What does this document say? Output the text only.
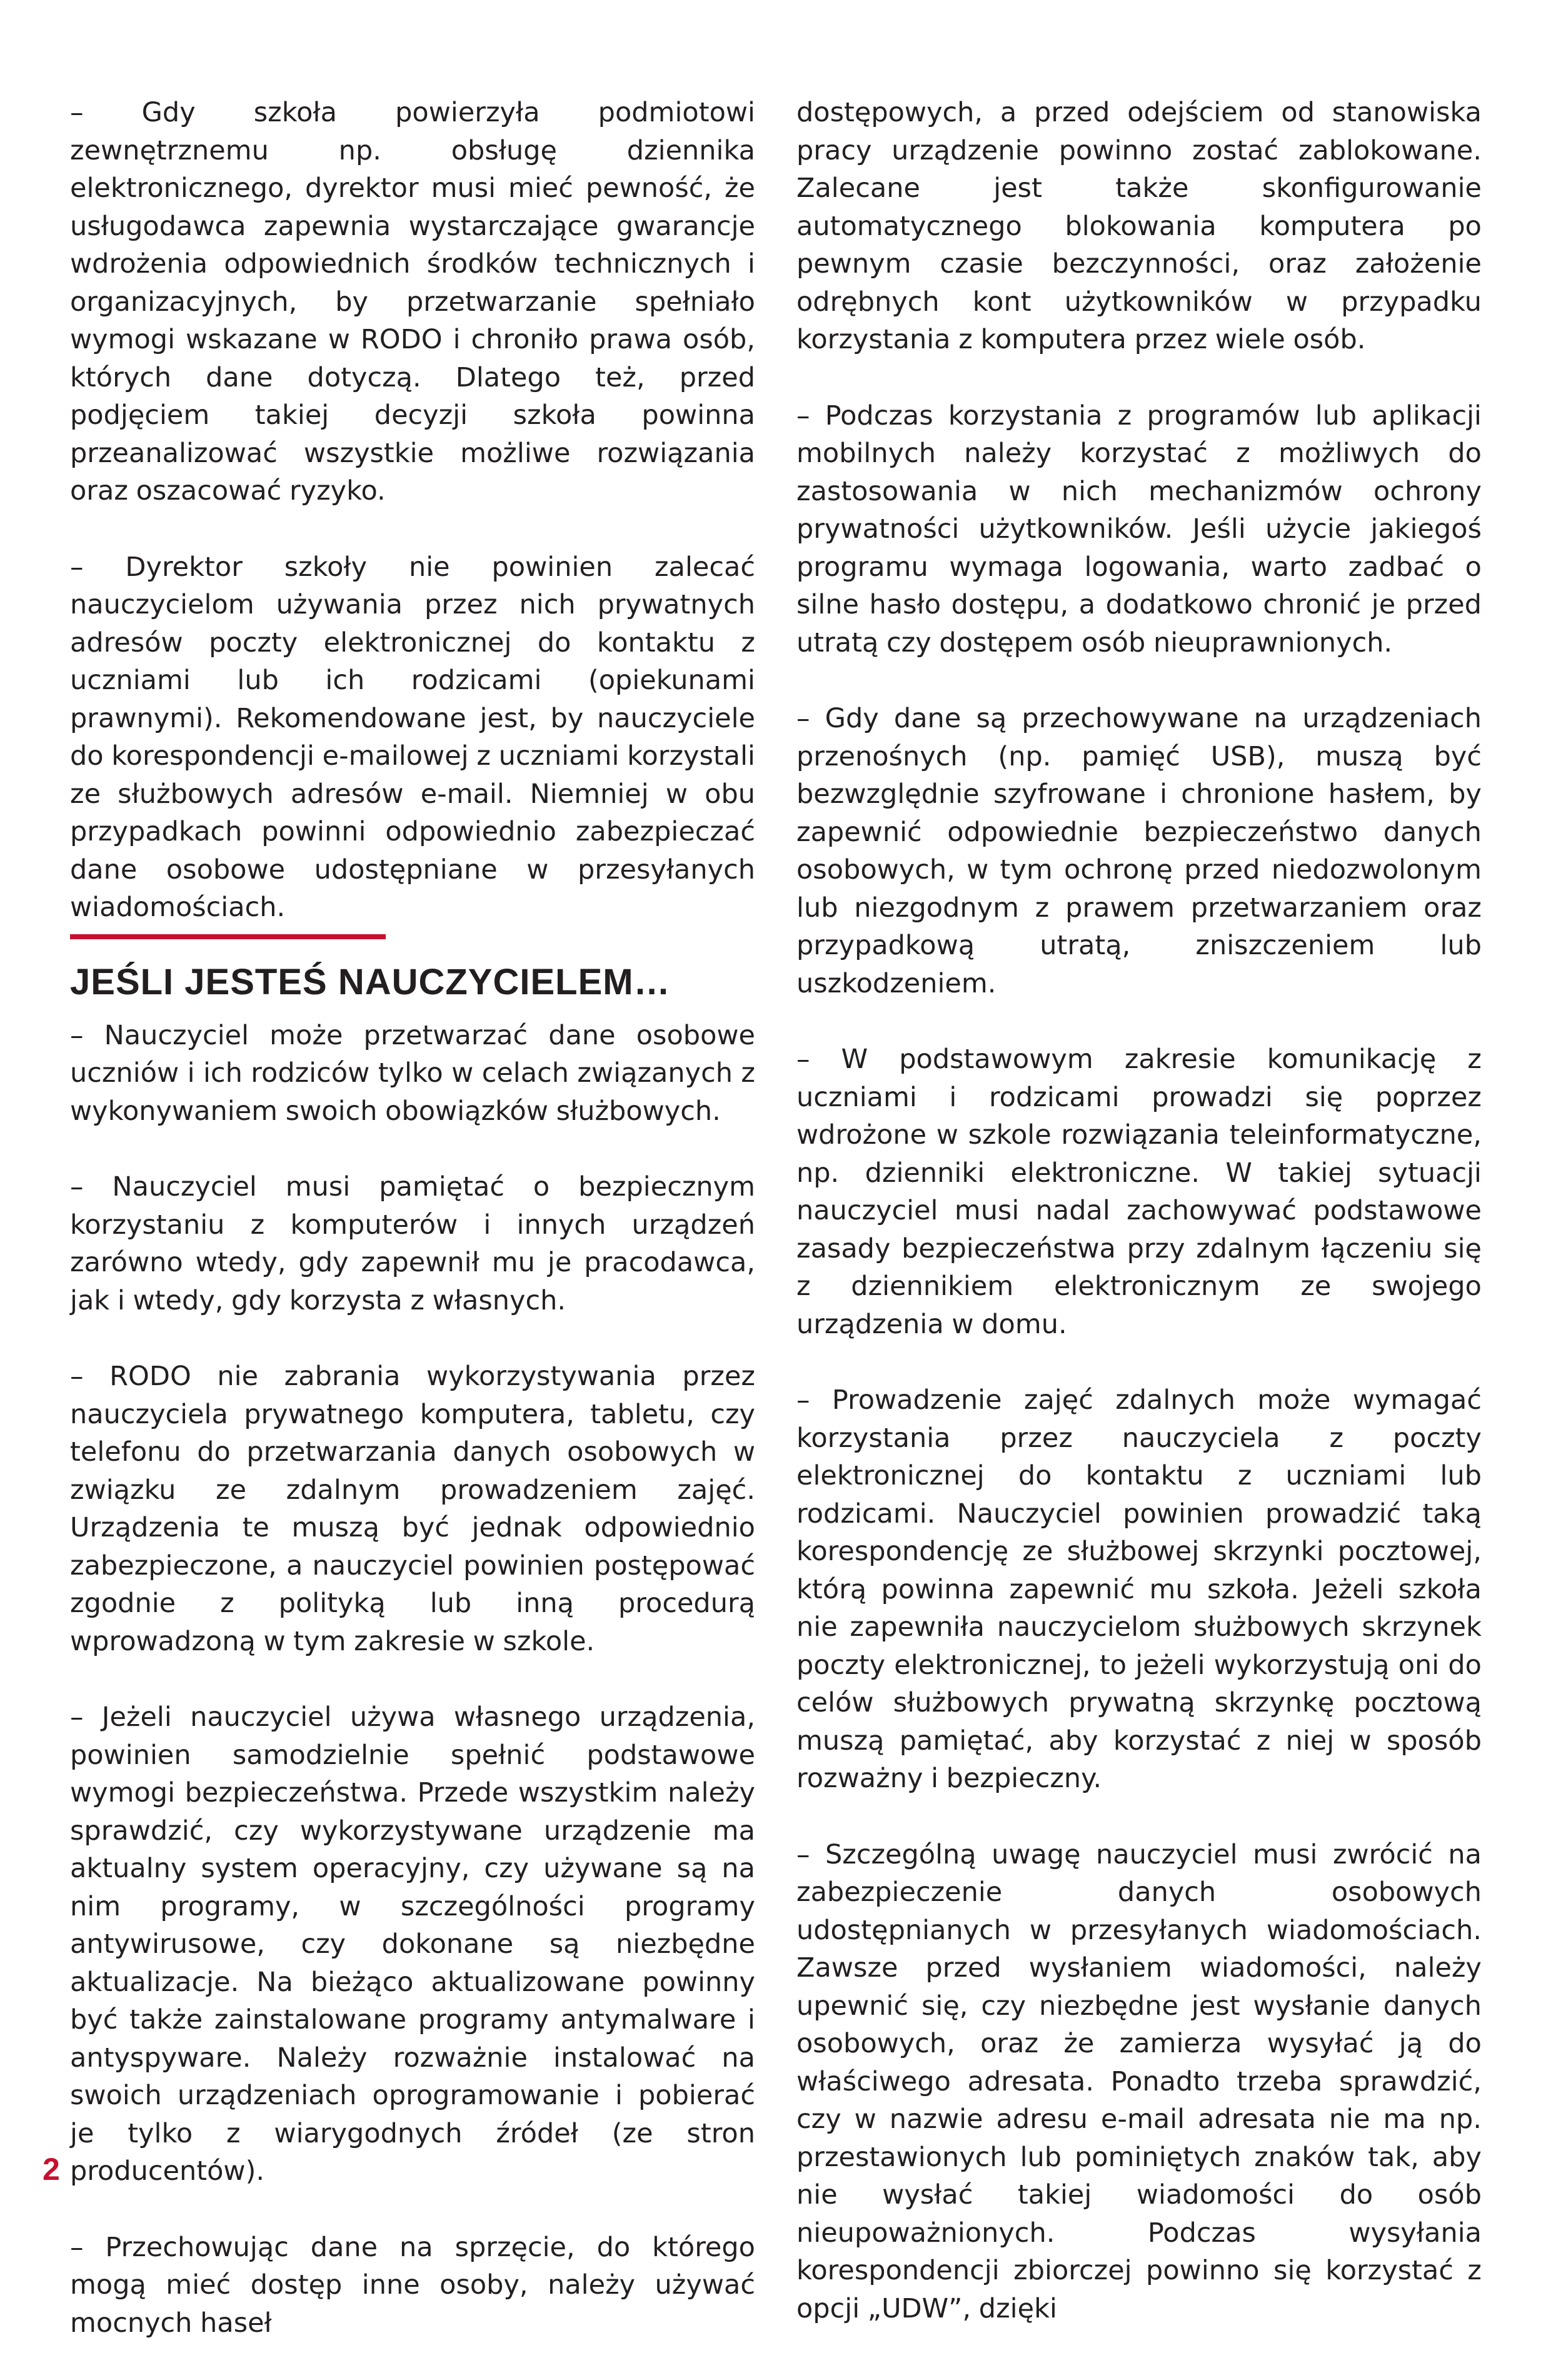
– Gdy szkoła powierzyła podmiotowi zewnętrznemu np. obsługę dziennika elektronicznego, dyrektor musi mieć pewność, że usługodawca zapewnia wystarczające gwarancje wdrożenia odpowiednich środków technicznych i organizacyjnych, by przetwarzanie spełniało wymogi wskazane w RODO i chroniło prawa osób, których dane dotyczą. Dlatego też, przed podjęciem takiej decyzji szkoła powinna przeanalizować wszystkie możliwe rozwiązania oraz oszacować ryzyko.

– Dyrektor szkoły nie powinien zalecać nauczycielom używania przez nich prywatnych adresów poczty elektronicznej do kontaktu z uczniami lub ich rodzicami (opiekunami prawnymi). Rekomendowane jest, by nauczyciele do korespondencji e-mailowej z uczniami korzystali ze służbowych adresów e-mail. Niemniej w obu przypadkach powinni odpowiednio zabezpieczać dane osobowe udostępniane w przesyłanych wiadomościach.

JEŚLI JESTEŚ NAUCZYCIELEM…

– Nauczyciel może przetwarzać dane osobowe uczniów i ich rodziców tylko w celach związanych z wykonywaniem swoich obowiązków służbowych.

– Nauczyciel musi pamiętać o bezpiecznym korzystaniu z komputerów i innych urządzeń zarówno wtedy, gdy zapewnił mu je pracodawca, jak i wtedy, gdy korzysta z własnych.

– RODO nie zabrania wykorzystywania przez nauczyciela prywatnego komputera, tabletu, czy telefonu do przetwarzania danych osobowych w związku ze zdalnym prowadzeniem zajęć. Urządzenia te muszą być jednak odpowiednio zabezpieczone, a nauczyciel powinien postępować zgodnie z polityką lub inną procedurą wprowadzoną w tym zakresie w szkole.

– Jeżeli nauczyciel używa własnego urządzenia, powinien samodzielnie spełnić podstawowe wymogi bezpieczeństwa. Przede wszystkim należy sprawdzić, czy wykorzystywane urządzenie ma aktualny system operacyjny, czy używane są na nim programy, w szczególności programy antywirusowe, czy dokonane są niezbędne aktualizacje. Na bieżąco aktualizowane powinny być także zainstalowane programy antymalware i antyspyware. Należy rozważnie instalować na swoich urządzeniach oprogramowanie i pobierać je tylko z wiarygodnych źródeł (ze stron producentów).

– Przechowując dane na sprzęcie, do którego mogą mieć dostęp inne osoby, należy używać mocnych haseł

dostępowych, a przed odejściem od stanowiska pracy urządzenie powinno zostać zablokowane. Zalecane jest także skonfigurowanie automatycznego blokowania komputera po pewnym czasie bezczynności, oraz założenie odrębnych kont użytkowników w przypadku korzystania z komputera przez wiele osób.

– Podczas korzystania z programów lub aplikacji mobilnych należy korzystać z możliwych do zastosowania w nich mechanizmów ochrony prywatności użytkowników. Jeśli użycie jakiegoś programu wymaga logowania, warto zadbać o silne hasło dostępu, a dodatkowo chronić je przed utratą czy dostępem osób nieuprawnionych.

– Gdy dane są przechowywane na urządzeniach przenośnych (np. pamięć USB), muszą być bezwzględnie szyfrowane i chronione hasłem, by zapewnić odpowiednie bezpieczeństwo danych osobowych, w tym ochronę przed niedozwolonym lub niezgodnym z prawem przetwarzaniem oraz przypadkową utratą, zniszczeniem lub uszkodzeniem.

– W podstawowym zakresie komunikację z uczniami i rodzicami prowadzi się poprzez wdrożone w szkole rozwiązania teleinformatyczne, np. dzienniki elektroniczne. W takiej sytuacji nauczyciel musi nadal zachowywać podstawowe zasady bezpieczeństwa przy zdalnym łączeniu się z dziennikiem elektronicznym ze swojego urządzenia w domu.

– Prowadzenie zajęć zdalnych może wymagać korzystania przez nauczyciela z poczty elektronicznej do kontaktu z uczniami lub rodzicami. Nauczyciel powinien prowadzić taką korespondencję ze służbowej skrzynki pocztowej, którą powinna zapewnić mu szkoła. Jeżeli szkoła nie zapewniła nauczycielom służbowych skrzynek poczty elektronicznej, to jeżeli wykorzystują oni do celów służbowych prywatną skrzynkę pocztową muszą pamiętać, aby korzystać z niej w sposób rozważny i bezpieczny.

– Szczególną uwagę nauczyciel musi zwrócić na zabezpieczenie danych osobowych udostępnianych w przesyłanych wiadomościach. Zawsze przed wysłaniem wiadomości, należy upewnić się, czy niezbędne jest wysłanie danych osobowych, oraz że zamierza wysyłać ją do właściwego adresata. Ponadto trzeba sprawdzić, czy w nazwie adresu e-mail adresata nie ma np. przestawionych lub pominiętych znaków tak, aby nie wysłać takiej wiadomości do osób nieupoważnionych. Podczas wysyłania korespondencji zbiorczej powinno się korzystać z opcji „UDW”, dzięki

2
